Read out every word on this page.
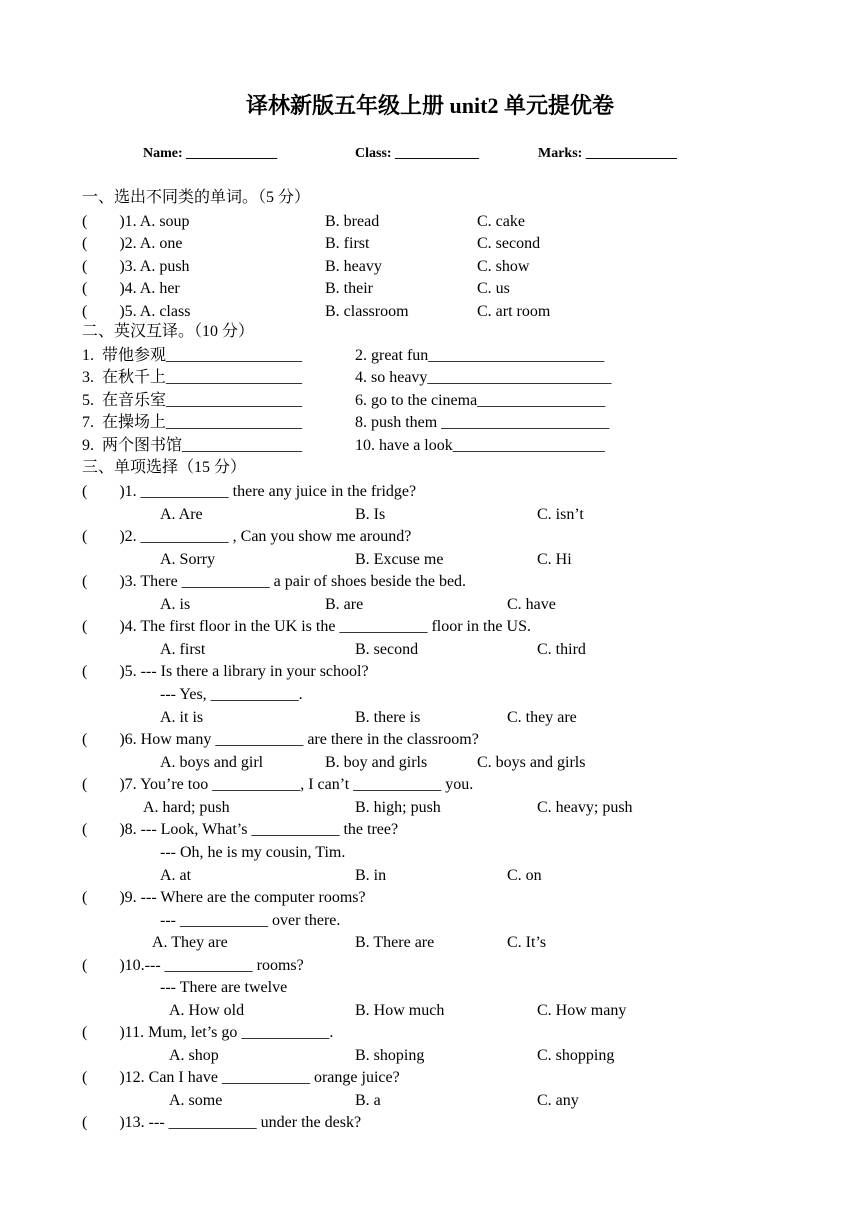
译林新版五年级上册 unit2 单元提优卷
Name: _____________	Class: ____________	Marks: _____________
一、选出不同类的单词。（5 分）
(        )1. A. soup	B. bread	C. cake
(        )2. A. one	B. first	C. second
(        )3. A. push	B. heavy	C. show
(        )4. A. her	B. their	C. us
(        )5. A. class	B. classroom	C. art room
二、英汉互译。（10 分）
1.  带他参观_________________	2. great fun______________________
3.  在秋千上_________________	4. so heavy_______________________
5.  在音乐室_________________	6. go to the cinema________________
7.  在操场上_________________	8. push them _____________________
9.  两个图书馆_______________	10. have a look___________________
三、单项选择（15 分）
(        )1. ___________ there any juice in the fridge?
A. Are	B. Is	C. isn’t
(        )2. ___________ , Can you show me around?
A. Sorry	B. Excuse me	C. Hi
(        )3. There ___________ a pair of shoes beside the bed.
A. is	B. are	C. have
(        )4. The first floor in the UK is the ___________ floor in the US.
A. first	B. second	C. third
(        )5. --- Is there a library in your school?
--- Yes, ___________.
A. it is	B. there is	C. they are
(        )6. How many ___________ are there in the classroom?
A. boys and girl	B. boy and girls	C. boys and girls
(        )7. You’re too ___________, I can’t ___________ you.
A. hard; push	B. high; push	C. heavy; push
(        )8. --- Look, What’s ___________ the tree?
--- Oh, he is my cousin, Tim.
A. at	B. in	C. on
(        )9. --- Where are the computer rooms?
--- ___________ over there.
A. They are	B. There are	C. It’s
(        )10.--- ___________ rooms?
--- There are twelve
A. How old	B. How much	C. How many
(        )11. Mum, let’s go ___________.
A. shop	B. shoping	C. shopping
(        )12. Can I have ___________ orange juice?
A. some	B. a	C. any
(        )13. --- ___________ under the desk?
